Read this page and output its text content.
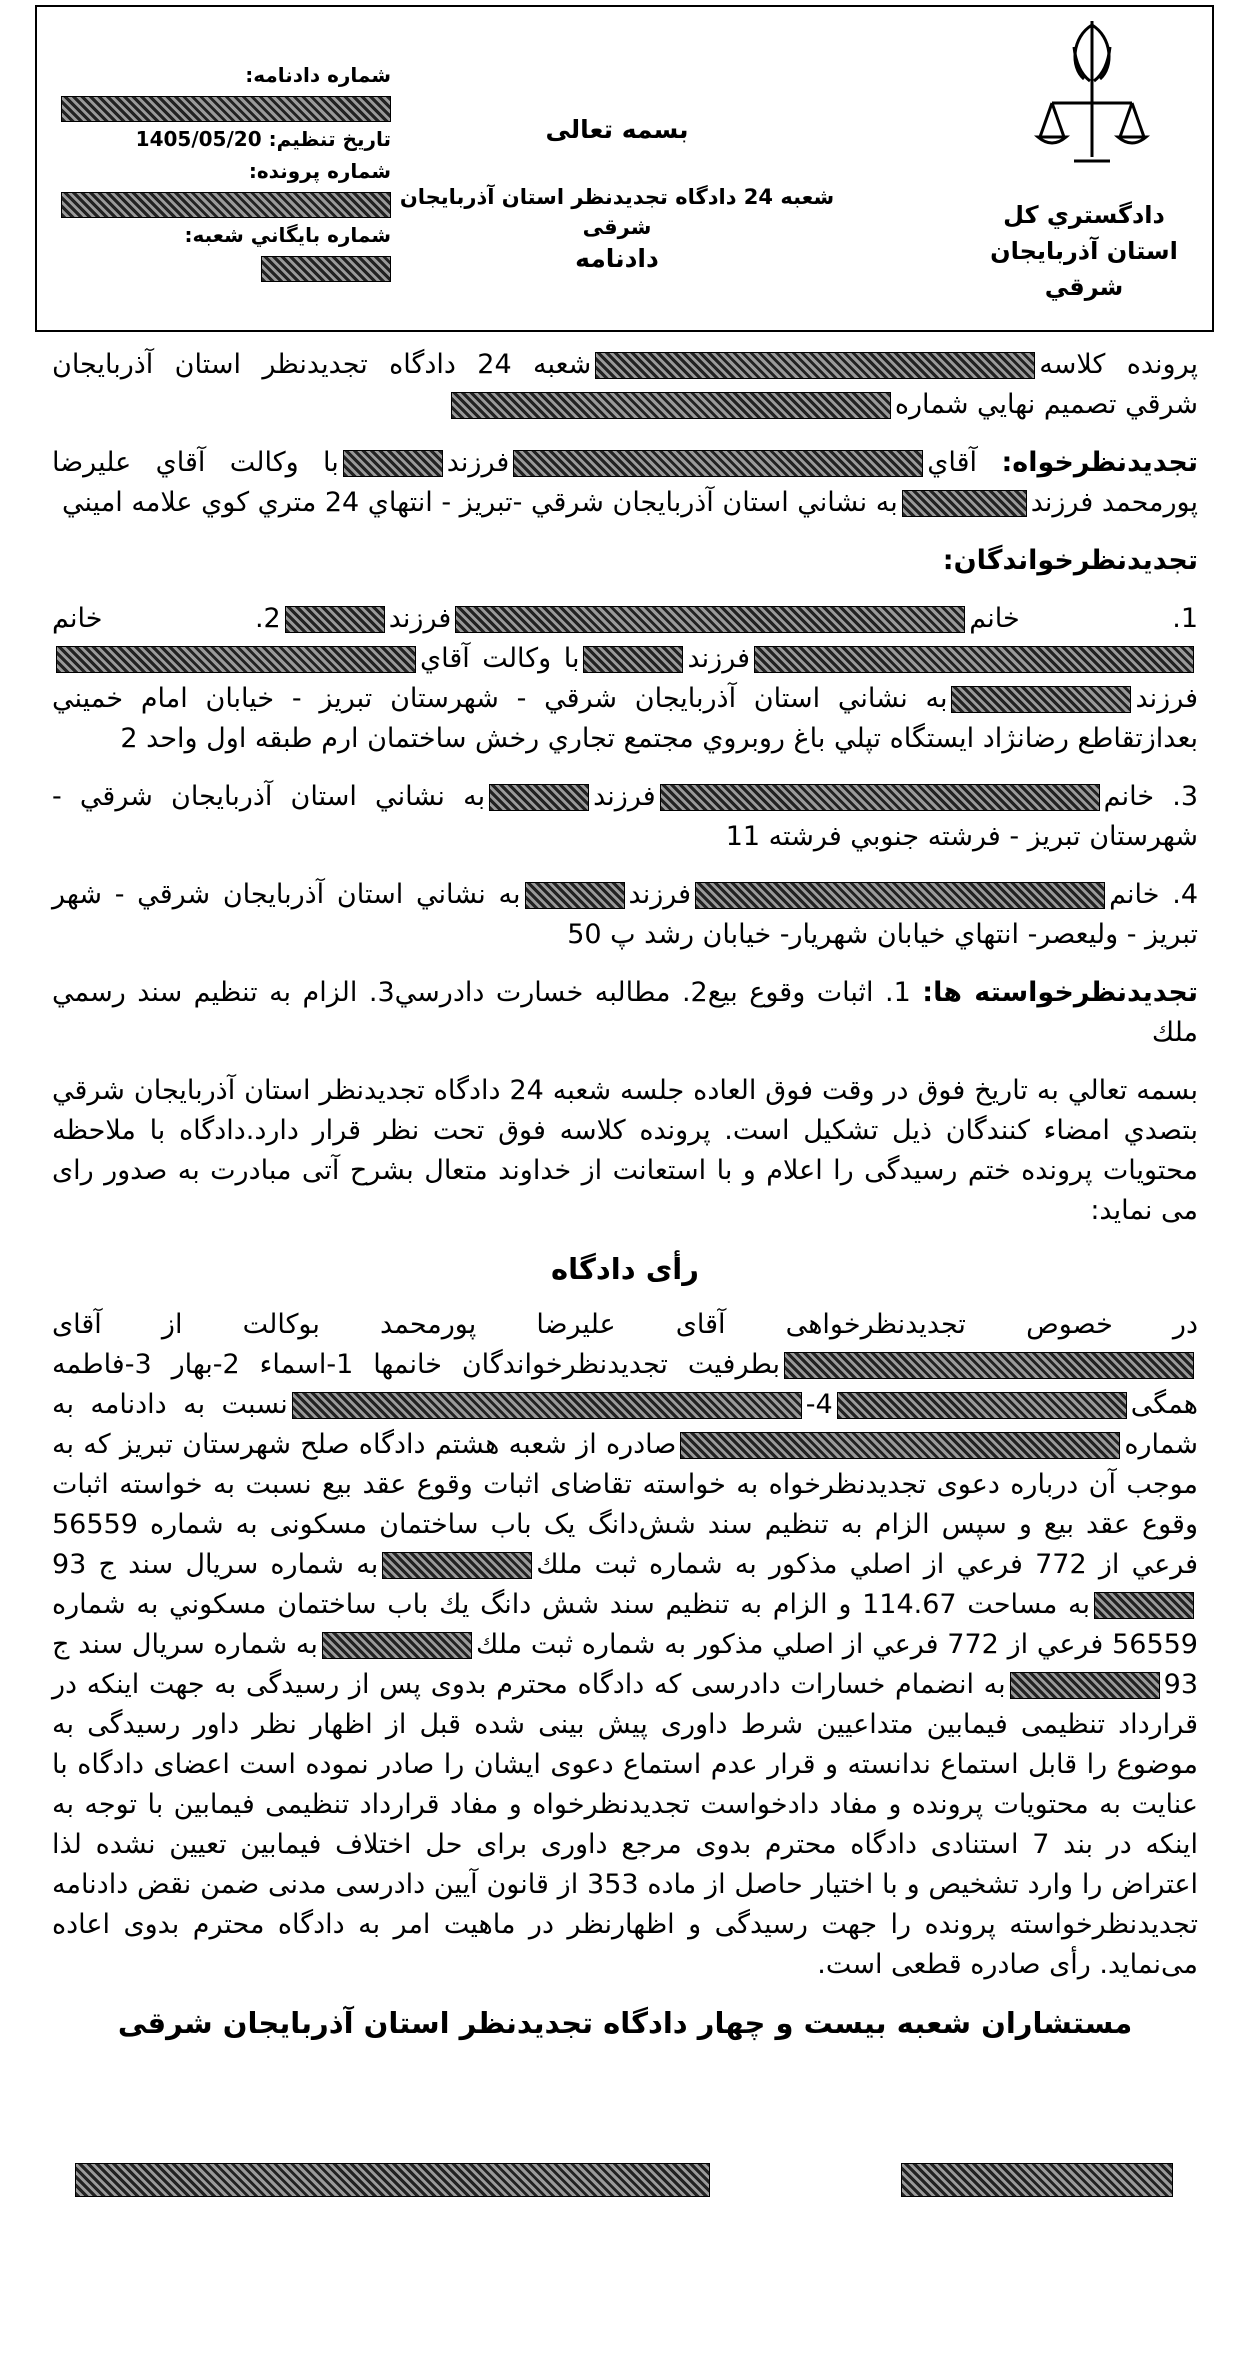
دادگستري كل استان آذربايجان شرقي
بسمه تعالی
شعبه 24 دادگاه تجدیدنظر استان آذربایجان شرقی
دادنامه
شماره دادنامه:
تاريخ تنظيم: 1405/05/20
شماره پرونده:
شماره بايگاني شعبه:

پرونده كلاسهشعبه 24 دادگاه تجديدنظر استان آذربايجان شرقي تصميم نهايي شماره

تجديدنظرخواه: آقايفرزندبا وكالت آقاي علیرضا پورمحمد فرزندبه نشاني استان آذربايجان شرقي -تبریز - انتهاي 24 متري كوي علامه اميني

تجديدنظرخواندگان:

1. خانمفرزند2. خانمفرزندبا وكالت آقايفرزندبه نشاني استان آذربايجان شرقي - شهرستان تبريز - خيابان امام خميني بعدازتقاطع رضانژاد ايستگاه تپلي باغ روبروي مجتمع تجاري رخش ساختمان ارم طبقه اول واحد 2

3. خانمفرزندبه نشاني استان آذربايجان شرقي - شهرستان تبريز - فرشته جنوبي فرشته 11

4. خانمفرزندبه نشاني استان آذربايجان شرقي - شهر تبريز - وليعصر- انتهاي خيابان شهريار- خيابان رشد پ 50

تجديدنظرخواسته ها: 1. اثبات وقوع بيع2. مطالبه خسارت دادرسي3. الزام به تنظيم سند رسمي ملك

بسمه تعالي به تاريخ فوق در وقت فوق العاده جلسه شعبه 24 دادگاه تجديدنظر استان آذربايجان شرقي بتصدي امضاء كنندگان ذيل تشكيل است. پرونده كلاسه فوق تحت نظر قرار دارد.دادگاه با ملاحظه محتويات پرونده ختم رسيدگی را اعلام و با استعانت از خداوند متعال بشرح آتی مبادرت به صدور رای می نماید:

رأی دادگاه

در خصوص تجدیدنظرخواهی آقای علیرضا پورمحمد بوکالت از آقایبطرفیت تجدیدنظرخواندگان خانمها 1-اسماء 2-بهار 3-فاطمه همگی4-نسبت به دادنامه به شمارهصادره از شعبه هشتم دادگاه صلح شهرستان تبریز که به موجب آن درباره دعوی تجدیدنظرخواه به خواسته تقاضای اثبات وقوع عقد بیع نسبت به خواسته اثبات وقوع عقد بیع و سپس الزام به تنظیم سند شش‌دانگ یک باب ساختمان مسکونی به شماره 56559 فرعي از 772 فرعي از اصلي مذكور به شماره ثبت ملكبه شماره سريال سند ج 93به مساحت 114.67 و الزام به تنظیم سند شش دانگ يك باب ساختمان مسكوني به شماره 56559 فرعي از 772 فرعي از اصلي مذكور به شماره ثبت ملكبه شماره سريال سند ج 93به انضمام خسارات دادرسی که دادگاه محترم بدوی پس از رسیدگی به جهت اینکه در قرارداد تنظیمی فیمابین متداعیین شرط داوری پیش بینی شده قبل از اظهار نظر داور رسیدگی به موضوع را قابل استماع ندانسته و قرار عدم استماع دعوی ایشان را صادر نموده است اعضای دادگاه با عنایت به محتویات پرونده و مفاد دادخواست تجدیدنظرخواه و مفاد قرارداد تنظیمی فیمابین با توجه به اینکه در بند 7 استنادی دادگاه محترم بدوی مرجع داوری برای حل اختلاف فیمابین تعیین نشده لذا اعتراض را وارد تشخیص و با اختیار حاصل از ماده 353 از قانون آیین دادرسی مدنی ضمن نقض دادنامه تجدیدنظرخواسته پرونده را جهت رسیدگی و اظهارنظر در ماهیت امر به دادگاه محترم بدوی اعاده می‌نماید. رأی صادره قطعی است.

مستشاران شعبه بیست و چهار دادگاه تجدیدنظر استان آذربایجان شرقی
